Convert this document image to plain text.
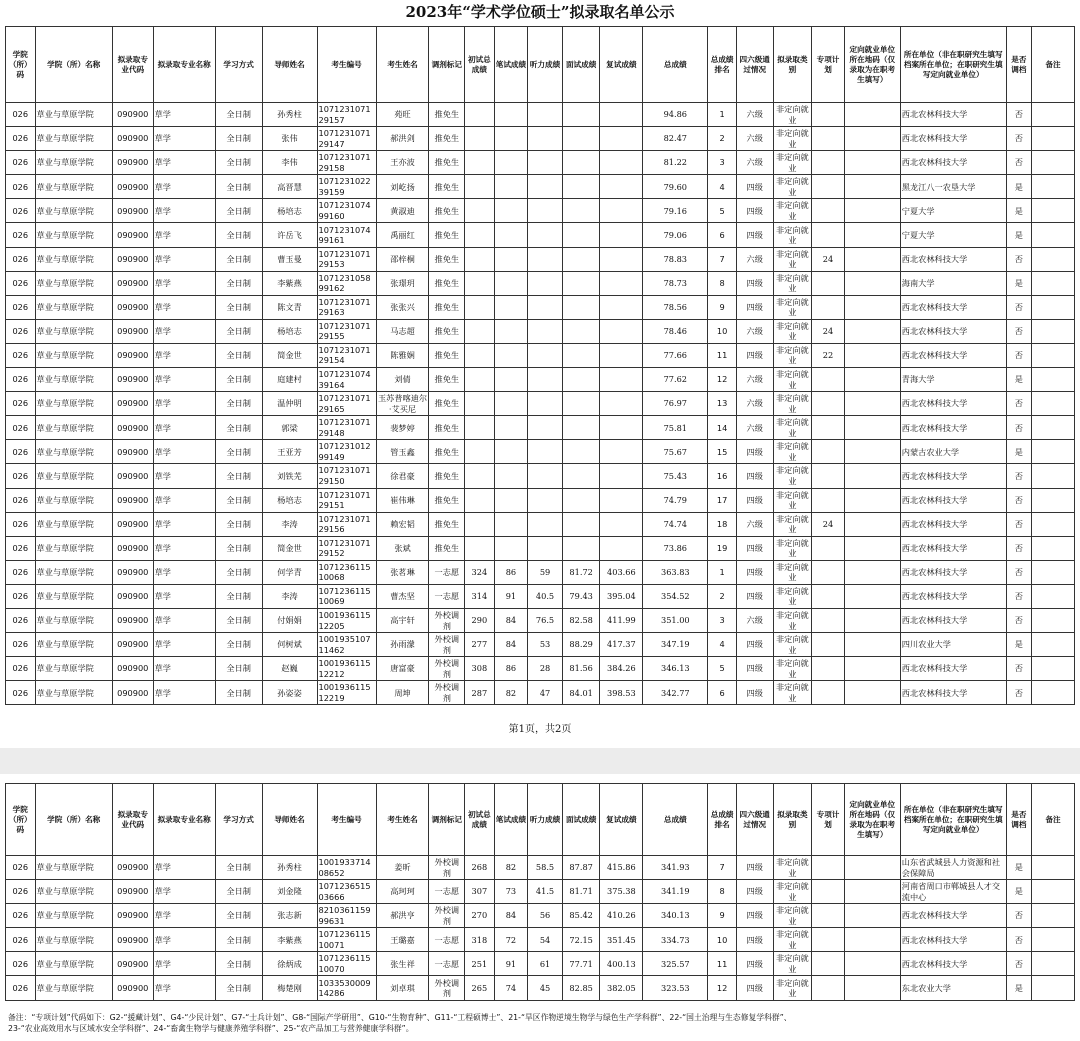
2023年“学术学位硕士”拟录取名单公示
学院（所）码	学院（所）名称	拟录取专业代码	拟录取专业名称	学习方式	导师姓名	考生编号	考生姓名	调剂标记	初试总成绩	笔试成绩	听力成绩	面试成绩	复试成绩	总成绩	总成绩排名	四六级通过情况	拟录取类别	专项计划	定向就业单位所在地码（仅录取为在职考生填写）	所在单位（非在职研究生填写档案所在单位；在职研究生填写定向就业单位）	是否调档	备注
026	草业与草原学院	090900	草学	全日制	孙秀柱	107123107129157	苑旺	推免生						94.86	1	六级	非定向就业			西北农林科技大学	否	
026	草业与草原学院	090900	草学	全日制	张伟	107123107129147	郝洪剑	推免生						82.47	2	六级	非定向就业			西北农林科技大学	否	
026	草业与草原学院	090900	草学	全日制	李伟	107123107129158	王亦波	推免生						81.22	3	六级	非定向就业			西北农林科技大学	否	
026	草业与草原学院	090900	草学	全日制	高晋慧	107123102239159	刘屹扬	推免生						79.60	4	四级	非定向就业			黑龙江八一农垦大学	是	
026	草业与草原学院	090900	草学	全日制	杨培志	107123107499160	黄淑迪	推免生						79.16	5	四级	非定向就业			宁夏大学	是	
026	草业与草原学院	090900	草学	全日制	许岳飞	107123107499161	禹丽红	推免生						79.06	6	四级	非定向就业			宁夏大学	是	
026	草业与草原学院	090900	草学	全日制	曹玉曼	107123107129153	邵梓桐	推免生						78.83	7	六级	非定向就业	24		西北农林科技大学	否	
026	草业与草原学院	090900	草学	全日制	李紫燕	107123105899162	张璟玥	推免生						78.73	8	四级	非定向就业			海南大学	是	
026	草业与草原学院	090900	草学	全日制	陈文青	107123107129163	张张兴	推免生						78.56	9	四级	非定向就业			西北农林科技大学	否	
026	草业与草原学院	090900	草学	全日制	杨培志	107123107129155	马志超	推免生						78.46	10	六级	非定向就业	24		西北农林科技大学	否	
026	草业与草原学院	090900	草学	全日制	简金世	107123107129154	陈雅娴	推免生						77.66	11	四级	非定向就业	22		西北农林科技大学	否	
026	草业与草原学院	090900	草学	全日制	庭建村	107123107439164	刘倩	推免生						77.62	12	六级	非定向就业			青海大学	是	
026	草业与草原学院	090900	草学	全日制	温仲明	107123107129165	玉苏普喀迪尔·艾买尼	推免生						76.97	13	六级	非定向就业			西北农林科技大学	否	
026	草业与草原学院	090900	草学	全日制	郭梁	107123107129148	裴梦婷	推免生						75.81	14	六级	非定向就业			西北农林科技大学	否	
026	草业与草原学院	090900	草学	全日制	王亚芳	107123101299149	管玉鑫	推免生						75.67	15	四级	非定向就业			内蒙古农业大学	是	
026	草业与草原学院	090900	草学	全日制	刘铁芜	107123107129150	徐君豪	推免生						75.43	16	四级	非定向就业			西北农林科技大学	否	
026	草业与草原学院	090900	草学	全日制	杨培志	107123107129151	崔伟琳	推免生						74.79	17	四级	非定向就业			西北农林科技大学	否	
026	草业与草原学院	090900	草学	全日制	李涛	107123107129156	赖宏韬	推免生						74.74	18	六级	非定向就业	24		西北农林科技大学	否	
026	草业与草原学院	090900	草学	全日制	简金世	107123107129152	张斌	推免生						73.86	19	四级	非定向就业			西北农林科技大学	否	
026	草业与草原学院	090900	草学	全日制	何学青	107123611510068	张茗琳	一志愿	324	86	59	81.72	403.66	363.83	1	四级	非定向就业			西北农林科技大学	否	
026	草业与草原学院	090900	草学	全日制	李涛	107123611510069	曹杰坚	一志愿	314	91	40.5	79.43	395.04	354.52	2	四级	非定向就业			西北农林科技大学	否	
026	草业与草原学院	090900	草学	全日制	付娟娟	100193611512205	高宇轩	外校调剂	290	84	76.5	82.58	411.99	351.00	3	六级	非定向就业			西北农林科技大学	否	
026	草业与草原学院	090900	草学	全日制	何树斌	100193510711462	孙雨濛	外校调剂	277	84	53	88.29	417.37	347.19	4	四级	非定向就业			四川农业大学	是	
026	草业与草原学院	090900	草学	全日制	赵巍	100193611512212	唐富豪	外校调剂	308	86	28	81.56	384.26	346.13	5	四级	非定向就业			西北农林科技大学	否	
026	草业与草原学院	090900	草学	全日制	孙姿姿	100193611512219	周坤	外校调剂	287	82	47	84.01	398.53	342.77	6	四级	非定向就业			西北农林科技大学	否	
第1页，共2页
学院（所）码	学院（所）名称	拟录取专业代码	拟录取专业名称	学习方式	导师姓名	考生编号	考生姓名	调剂标记	初试总成绩	笔试成绩	听力成绩	面试成绩	复试成绩	总成绩	总成绩排名	四六级通过情况	拟录取类别	专项计划	定向就业单位所在地码（仅录取为在职考生填写）	所在单位（非在职研究生填写档案所在单位；在职研究生填写定向就业单位）	是否调档	备注
026	草业与草原学院	090900	草学	全日制	孙秀柱	100193371408652	姜昕	外校调剂	268	82	58.5	87.87	415.86	341.93	7	四级	非定向就业			山东省武城县人力资源和社会保障局	是	
026	草业与草原学院	090900	草学	全日制	刘金隆	107123651503666	高珂珂	一志愿	307	73	41.5	81.71	375.38	341.19	8	四级	非定向就业			河南省周口市郸城县人才交流中心	是	
026	草业与草原学院	090900	草学	全日制	张志新	821036115999631	郝洪亨	外校调剂	270	84	56	85.42	410.26	340.13	9	四级	非定向就业			西北农林科技大学	否	
026	草业与草原学院	090900	草学	全日制	李紫燕	107123611510071	王璐嘉	一志愿	318	72	54	72.15	351.45	334.73	10	四级	非定向就业			西北农林科技大学	否	
026	草业与草原学院	090900	草学	全日制	徐炳成	107123611510070	张生祥	一志愿	251	91	61	77.71	400.13	325.57	11	四级	非定向就业			西北农林科技大学	否	
026	草业与草原学院	090900	草学	全日制	梅楚刚	103353000914286	刘卓琪	外校调剂	265	74	45	82.85	382.05	323.53	12	四级	非定向就业			东北农业大学	是	
备注：“专项计划”代码如下：G2-“援藏计划”、G4-“少民计划”、G7-“士兵计划”、G8-“国际产学研用”、G10-“生物育种”、G11-“工程硕博士”、21-“旱区作物逆境生物学与绿色生产学科群”、22-“国土治理与生态修复学科群”、
23-“农业高效用水与区域水安全学科群”、24-“畜禽生物学与健康养殖学科群”、25-“农产品加工与营养健康学科群”。
